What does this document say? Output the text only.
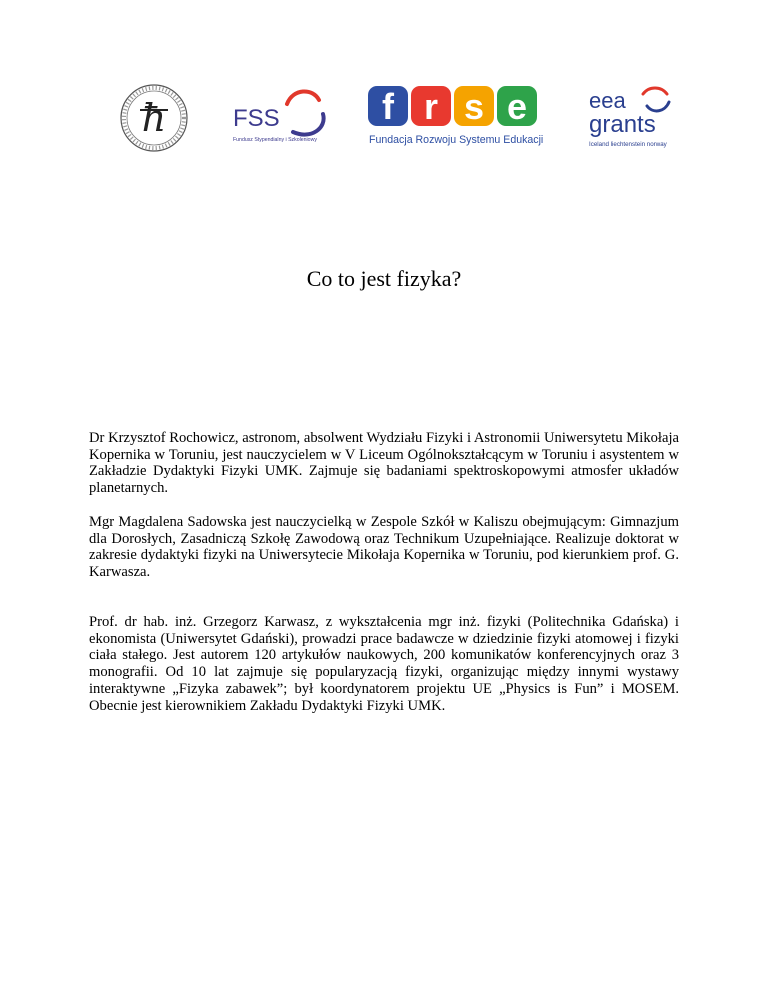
ħ	FSS
Fundusz Stypendialny i Szkoleniowy
f r s e
Fundacja Rozwoju Systemu Edukacji
eea
grants
Iceland liechtenstein norway
Co to jest fizyka?

Dr Krzysztof Rochowicz, astronom, absolwent Wydziału Fizyki i Astronomii Uniwersytetu Mikołaja Kopernika w Toruniu, jest nauczycielem w V Liceum Ogólnokształcącym w Toruniu i asystentem w Zakładzie Dydaktyki Fizyki UMK. Zajmuje się badaniami spektroskopowymi atmosfer układów planetarnych.

Mgr Magdalena Sadowska jest nauczycielką w Zespole Szkół w Kaliszu obejmującym: Gimnazjum dla Dorosłych, Zasadniczą Szkołę Zawodową oraz Technikum Uzupełniające. Realizuje doktorat w zakresie dydaktyki fizyki na Uniwersytecie Mikołaja Kopernika w Toruniu, pod kierunkiem prof. G. Karwasza.

Prof. dr hab. inż. Grzegorz Karwasz, z wykształcenia mgr inż. fizyki (Politechnika Gdańska) i ekonomista (Uniwersytet Gdański), prowadzi prace badawcze w dziedzinie fizyki atomowej i fizyki ciała stałego. Jest autorem 120 artykułów naukowych, 200 komunikatów konferencyjnych oraz 3 monografii. Od 10 lat zajmuje się popularyzacją fizyki, organizując między innymi wystawy interaktywne „Fizyka zabawek”; był koordynatorem projektu UE „Physics is Fun” i MOSEM. Obecnie jest kierownikiem Zakładu Dydaktyki Fizyki UMK.
